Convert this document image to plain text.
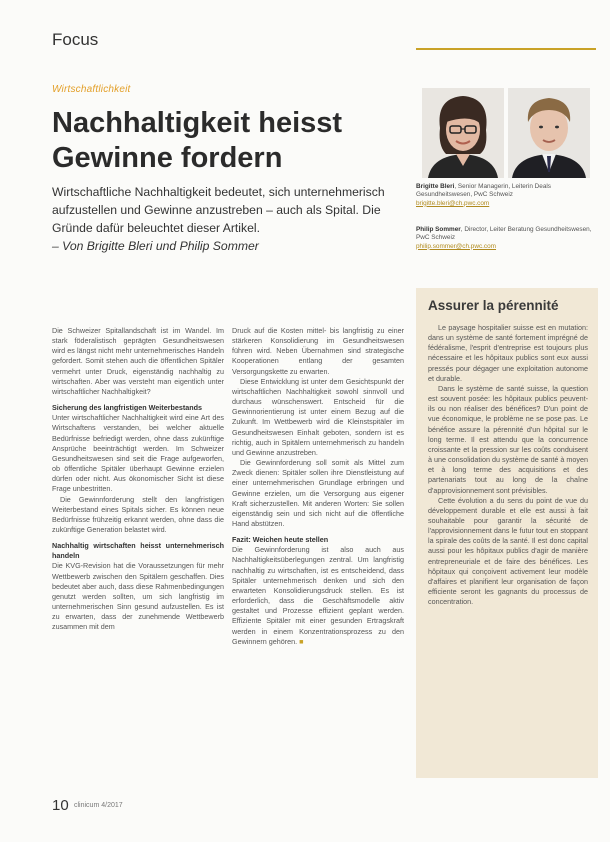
Focus
Wirtschaftlichkeit
Nachhaltigkeit heisst
Gewinne fordern

Wirtschaftliche Nachhaltigkeit bedeutet, sich unternehmerisch aufzustellen und Gewinne anzustreben – auch als Spital. Die Gründe dafür beleuchtet dieser Artikel.

– Von Brigitte Bleri und Philip Sommer

Brigitte Bleri, Senior Managerin, Leiterin Deals Gesundheitswesen, PwC Schweiz
brigitte.bleri@ch.pwc.com
Philip Sommer, Director, Leiter Beratung Gesundheitswesen, PwC Schweiz
philip.sommer@ch.pwc.com

Die Schweizer Spitallandschaft ist im Wandel. Im stark föderalistisch geprägten Gesundheitswesen wird es längst nicht mehr unternehmerisches Handeln gefordert. Somit stehen auch die öffentlichen Spitäler vermehrt unter Druck, eigenständig nachhaltig zu wirtschaften. Aber was versteht man eigentlich unter wirtschaftlicher Nachhaltigkeit?

Sicherung des langfristigen Weiterbestands

Unter wirtschaftlicher Nachhaltigkeit wird eine Art des Wirtschaftens verstanden, bei welcher aktuelle Bedürfnisse befriedigt werden, ohne dass zukünftige Ansprüche beeinträchtigt werden. Im Schweizer Gesundheitswesen sind seit die Frage aufgeworfen, ob öffentliche Spitäler überhaupt Gewinne erzielen dürfen oder nicht. Aus ökonomischer Sicht ist diese Frage unbestritten.

Die Gewinnforderung stellt den langfristigen Weiterbestand eines Spitals sicher. Es können neue Bedürfnisse frühzeitig erkannt werden, ohne dass die zukünftige Generation belastet wird.

Nachhaltig wirtschaften heisst unternehmerisch handeln

Die KVG-Revision hat die Voraussetzungen für mehr Wettbewerb zwischen den Spitälern geschaffen. Dies bedeutet aber auch, dass diese Rahmenbedingungen genutzt werden sollten, um sich langfristig im unternehmerischen Sinn gesund aufzustellen. Es ist zu erwarten, dass der zunehmende Wettbewerb zusammen mit dem

Druck auf die Kosten mittel- bis langfristig zu einer stärkeren Konsolidierung im Gesundheitswesen führen wird. Neben Übernahmen sind strategische Kooperationen entlang der gesamten Versorgungskette zu erwarten.

Diese Entwicklung ist unter dem Gesichtspunkt der wirtschaftlichen Nachhaltigkeit sowohl sinnvoll und durchaus wünschenswert. Entscheid für die Gewinnorientierung ist unter einem Bezug auf die Zukunft. Im Wettbewerb wird die Kleinstspitäler im Gesundheitswesen Einhalt geboten, sondern ist es richtig, auch in Spitälern unternehmerisch zu handeln und Gewinne anzustreben.

Die Gewinnforderung soll somit als Mittel zum Zweck dienen: Spitäler sollen ihre Dienstleistung auf einer unternehmerischen Grundlage erbringen und Gewinne erzielen, um die Versorgung aus eigener Kraft sicherzustellen. Mit anderen Worten: Sie sollen eigenständig sein und sich nicht auf die öffentliche Hand abstützen.

Fazit: Weichen heute stellen

Die Gewinnforderung ist also auch aus Nachhaltigkeitsüberlegungen zentral. Um langfristig nachhaltig zu wirtschaften, ist es entscheidend, dass Spitäler unternehmerisch denken und sich den erwarteten Konsolidierungsdruck stellen. Es ist erforderlich, dass die Geschäftsmodelle aktiv gestaltet und Prozesse effizient geplant werden. Effiziente Spitäler mit einer gesunden Ertragskraft werden in einem Konzentrationsprozess zu den Gewinnern gehören. ■

Assurer la pérennité

Le paysage hospitalier suisse est en mutation: dans un système de santé fortement imprégné de fédéralisme, l'esprit d'entreprise est toujours plus nécessaire et les hôpitaux publics sont eux aussi pressés pour dégager une exploitation autonome et durable.

Dans le système de santé suisse, la question est souvent posée: les hôpitaux publics peuvent-ils ou non réaliser des bénéfices? D'un point de vue économique, le problème ne se pose pas. Le bénéfice assure la pérennité d'un hôpital sur le long terme. Il est attendu que la concurrence croissante et la pression sur les coûts conduisent à une consolidation du système de santé à moyen et à long terme des acquisitions et des partenariats tout au long de la chaîne d'approvisionnement sont prévisibles.

Cette évolution a du sens du point de vue du développement durable et elle est aussi à fait souhaitable pour garantir la sécurité de l'approvisionnement dans le futur tout en stoppant la spirale des coûts de la santé. Il est donc capital aussi pour les hôpitaux publics d'agir de manière entrepreneuriale et de faire des bénéfices. Les hôpitaux qui conçoivent activement leur modèle d'affaires et planifient leur organisation de façon efficiente seront les gagnants du processus de concentration.

10 clinicum 4/2017
